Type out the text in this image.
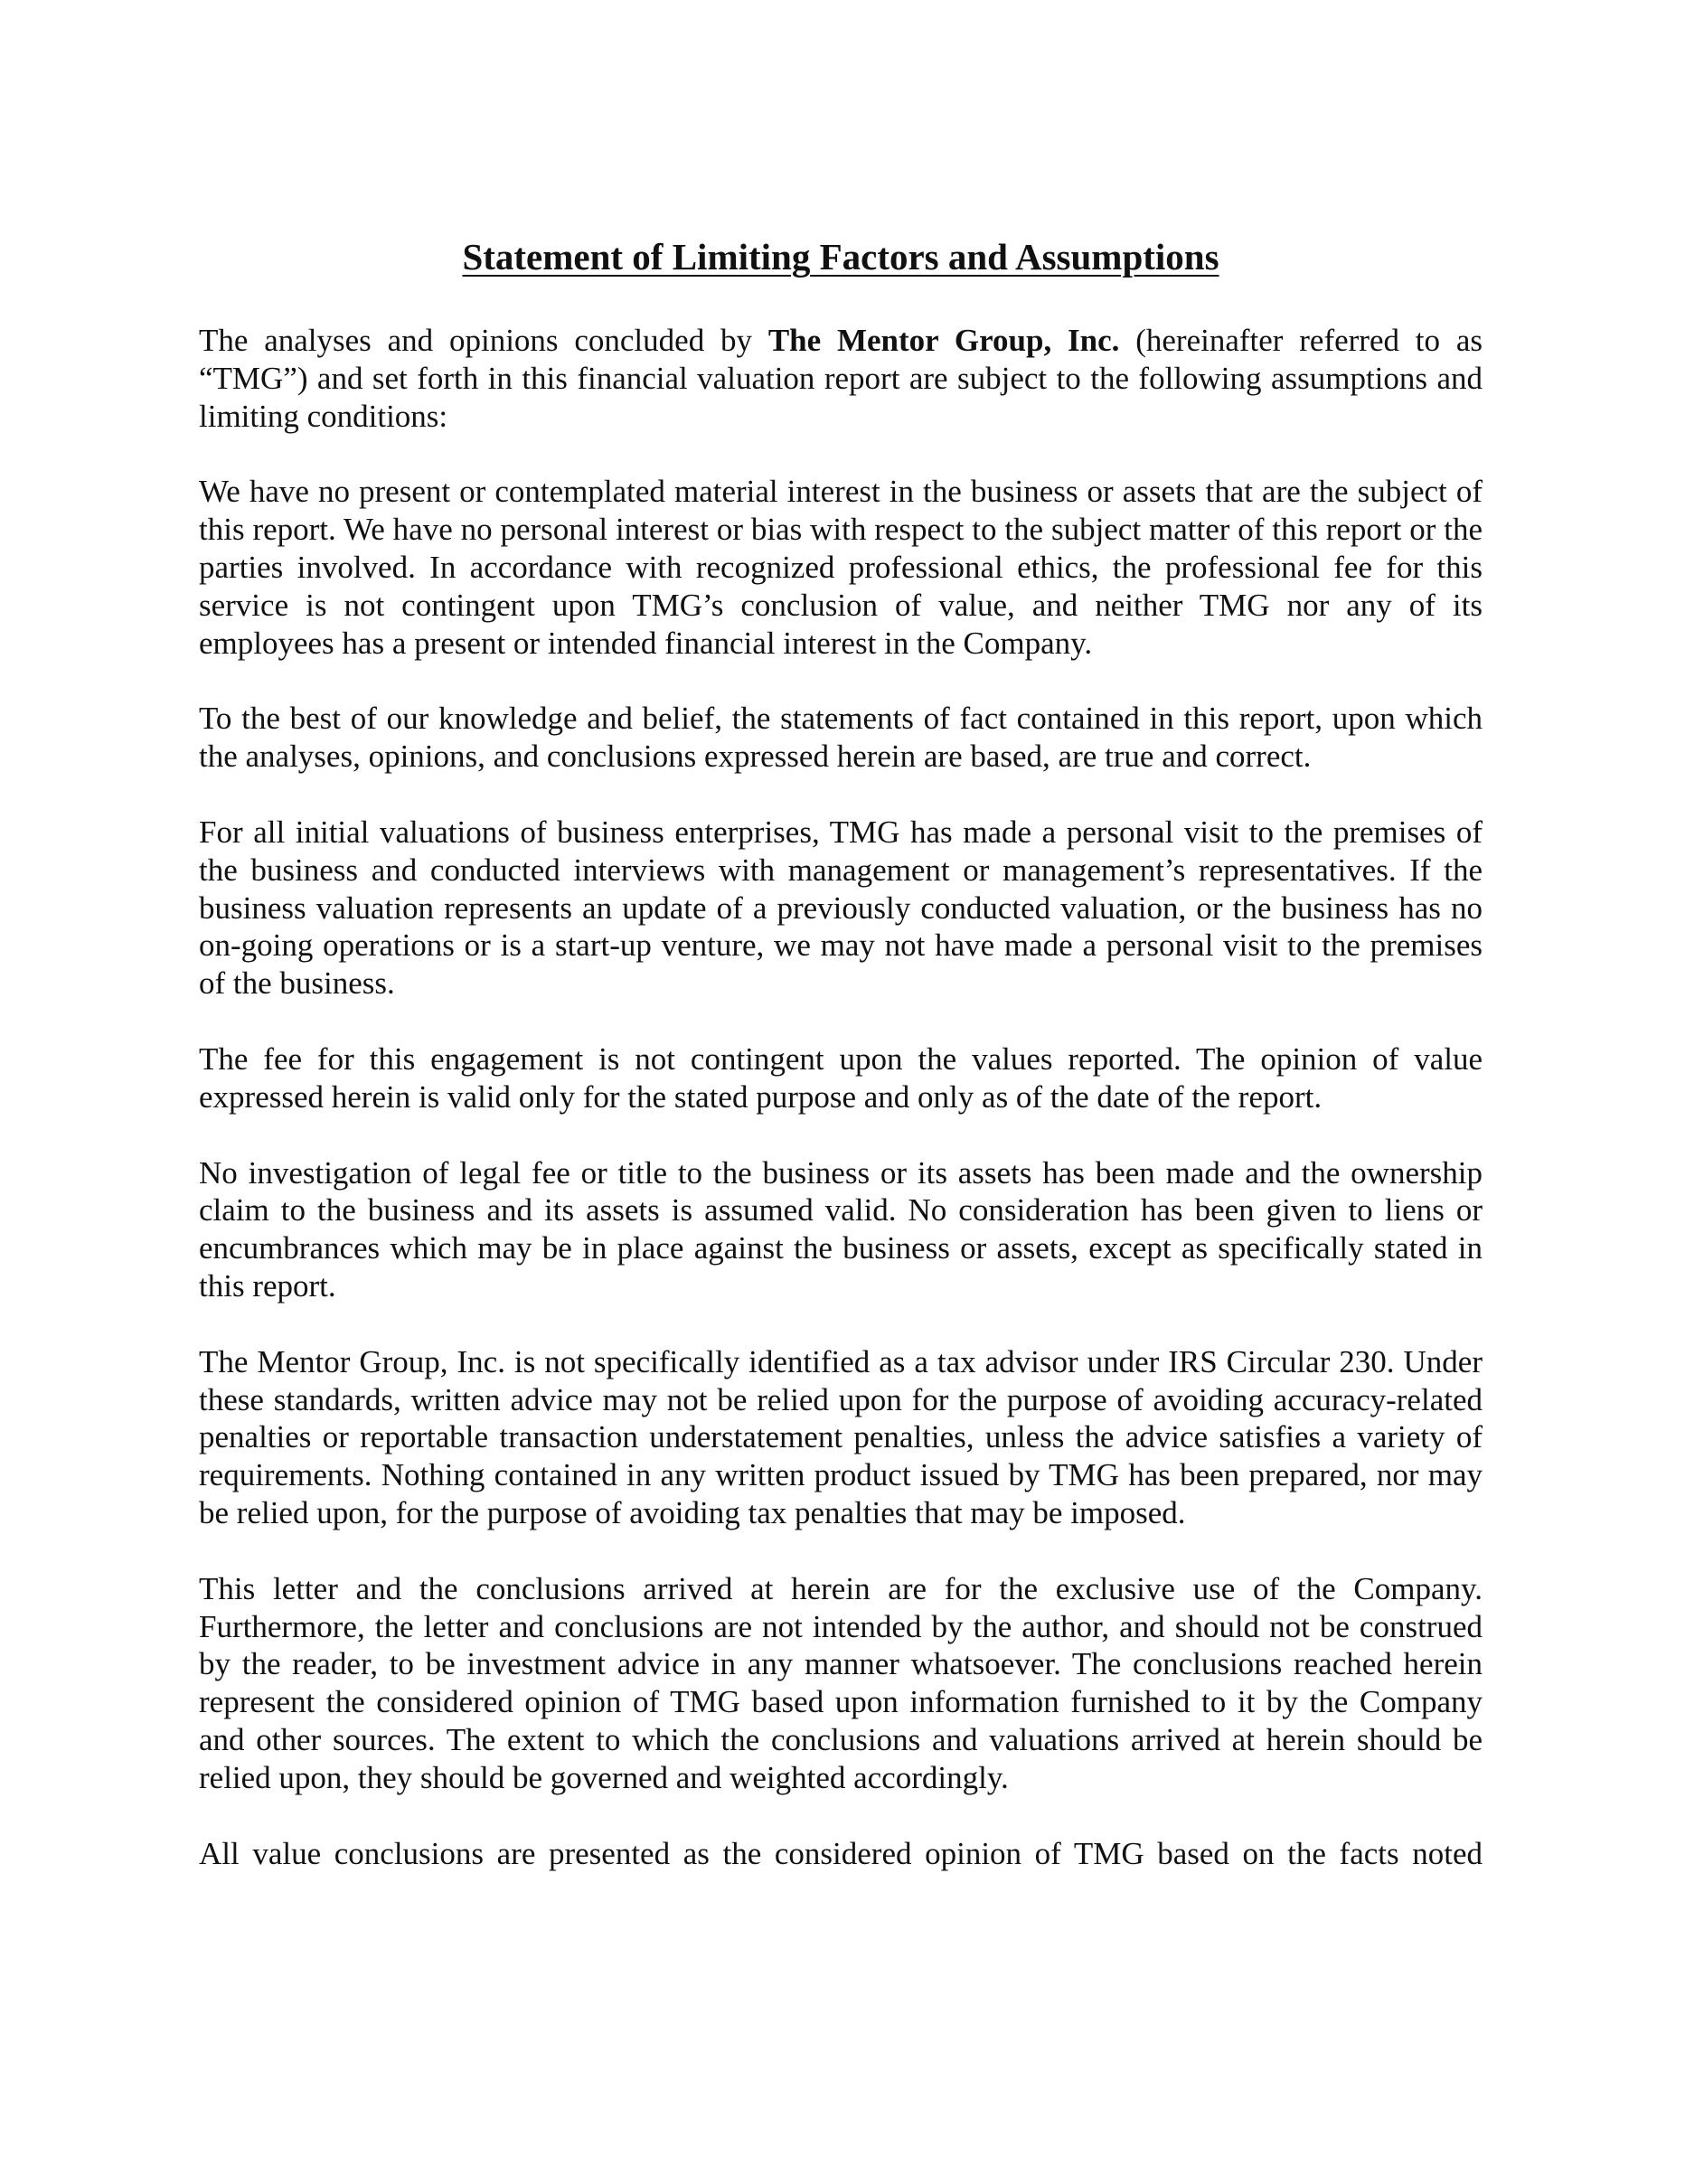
Statement of Limiting Factors and Assumptions

The analyses and opinions concluded by The Mentor Group, Inc. (hereinafter referred to as “TMG”) and set forth in this financial valuation report are subject to the following assumptions and limiting conditions:

We have no present or contemplated material interest in the business or assets that are the subject of this report. We have no personal interest or bias with respect to the subject matter of this report or the parties involved. In accordance with recognized professional ethics, the professional fee for this service is not contingent upon TMG’s conclusion of value, and neither TMG nor any of its employees has a present or intended financial interest in the Company.

To the best of our knowledge and belief, the statements of fact contained in this report, upon which the analyses, opinions, and conclusions expressed herein are based, are true and correct.

For all initial valuations of business enterprises, TMG has made a personal visit to the premises of the business and conducted interviews with management or management’s representatives. If the business valuation represents an update of a previously conducted valuation, or the business has no on-going operations or is a start-up venture, we may not have made a personal visit to the premises of the business.

The fee for this engagement is not contingent upon the values reported. The opinion of value expressed herein is valid only for the stated purpose and only as of the date of the report.

No investigation of legal fee or title to the business or its assets has been made and the ownership claim to the business and its assets is assumed valid. No consideration has been given to liens or encumbrances which may be in place against the business or assets, except as specifically stated in this report.

The Mentor Group, Inc. is not specifically identified as a tax advisor under IRS Circular 230. Under these standards, written advice may not be relied upon for the purpose of avoiding accuracy-related penalties or reportable transaction understatement penalties, unless the advice satisfies a variety of requirements. Nothing contained in any written product issued by TMG has been prepared, nor may be relied upon, for the purpose of avoiding tax penalties that may be imposed.

This letter and the conclusions arrived at herein are for the exclusive use of the Company. Furthermore, the letter and conclusions are not intended by the author, and should not be construed by the reader, to be investment advice in any manner whatsoever. The conclusions reached herein represent the considered opinion of TMG based upon information furnished to it by the Company and other sources. The extent to which the conclusions and valuations arrived at herein should be relied upon, they should be governed and weighted accordingly.

All value conclusions are presented as the considered opinion of TMG based on the facts noted
